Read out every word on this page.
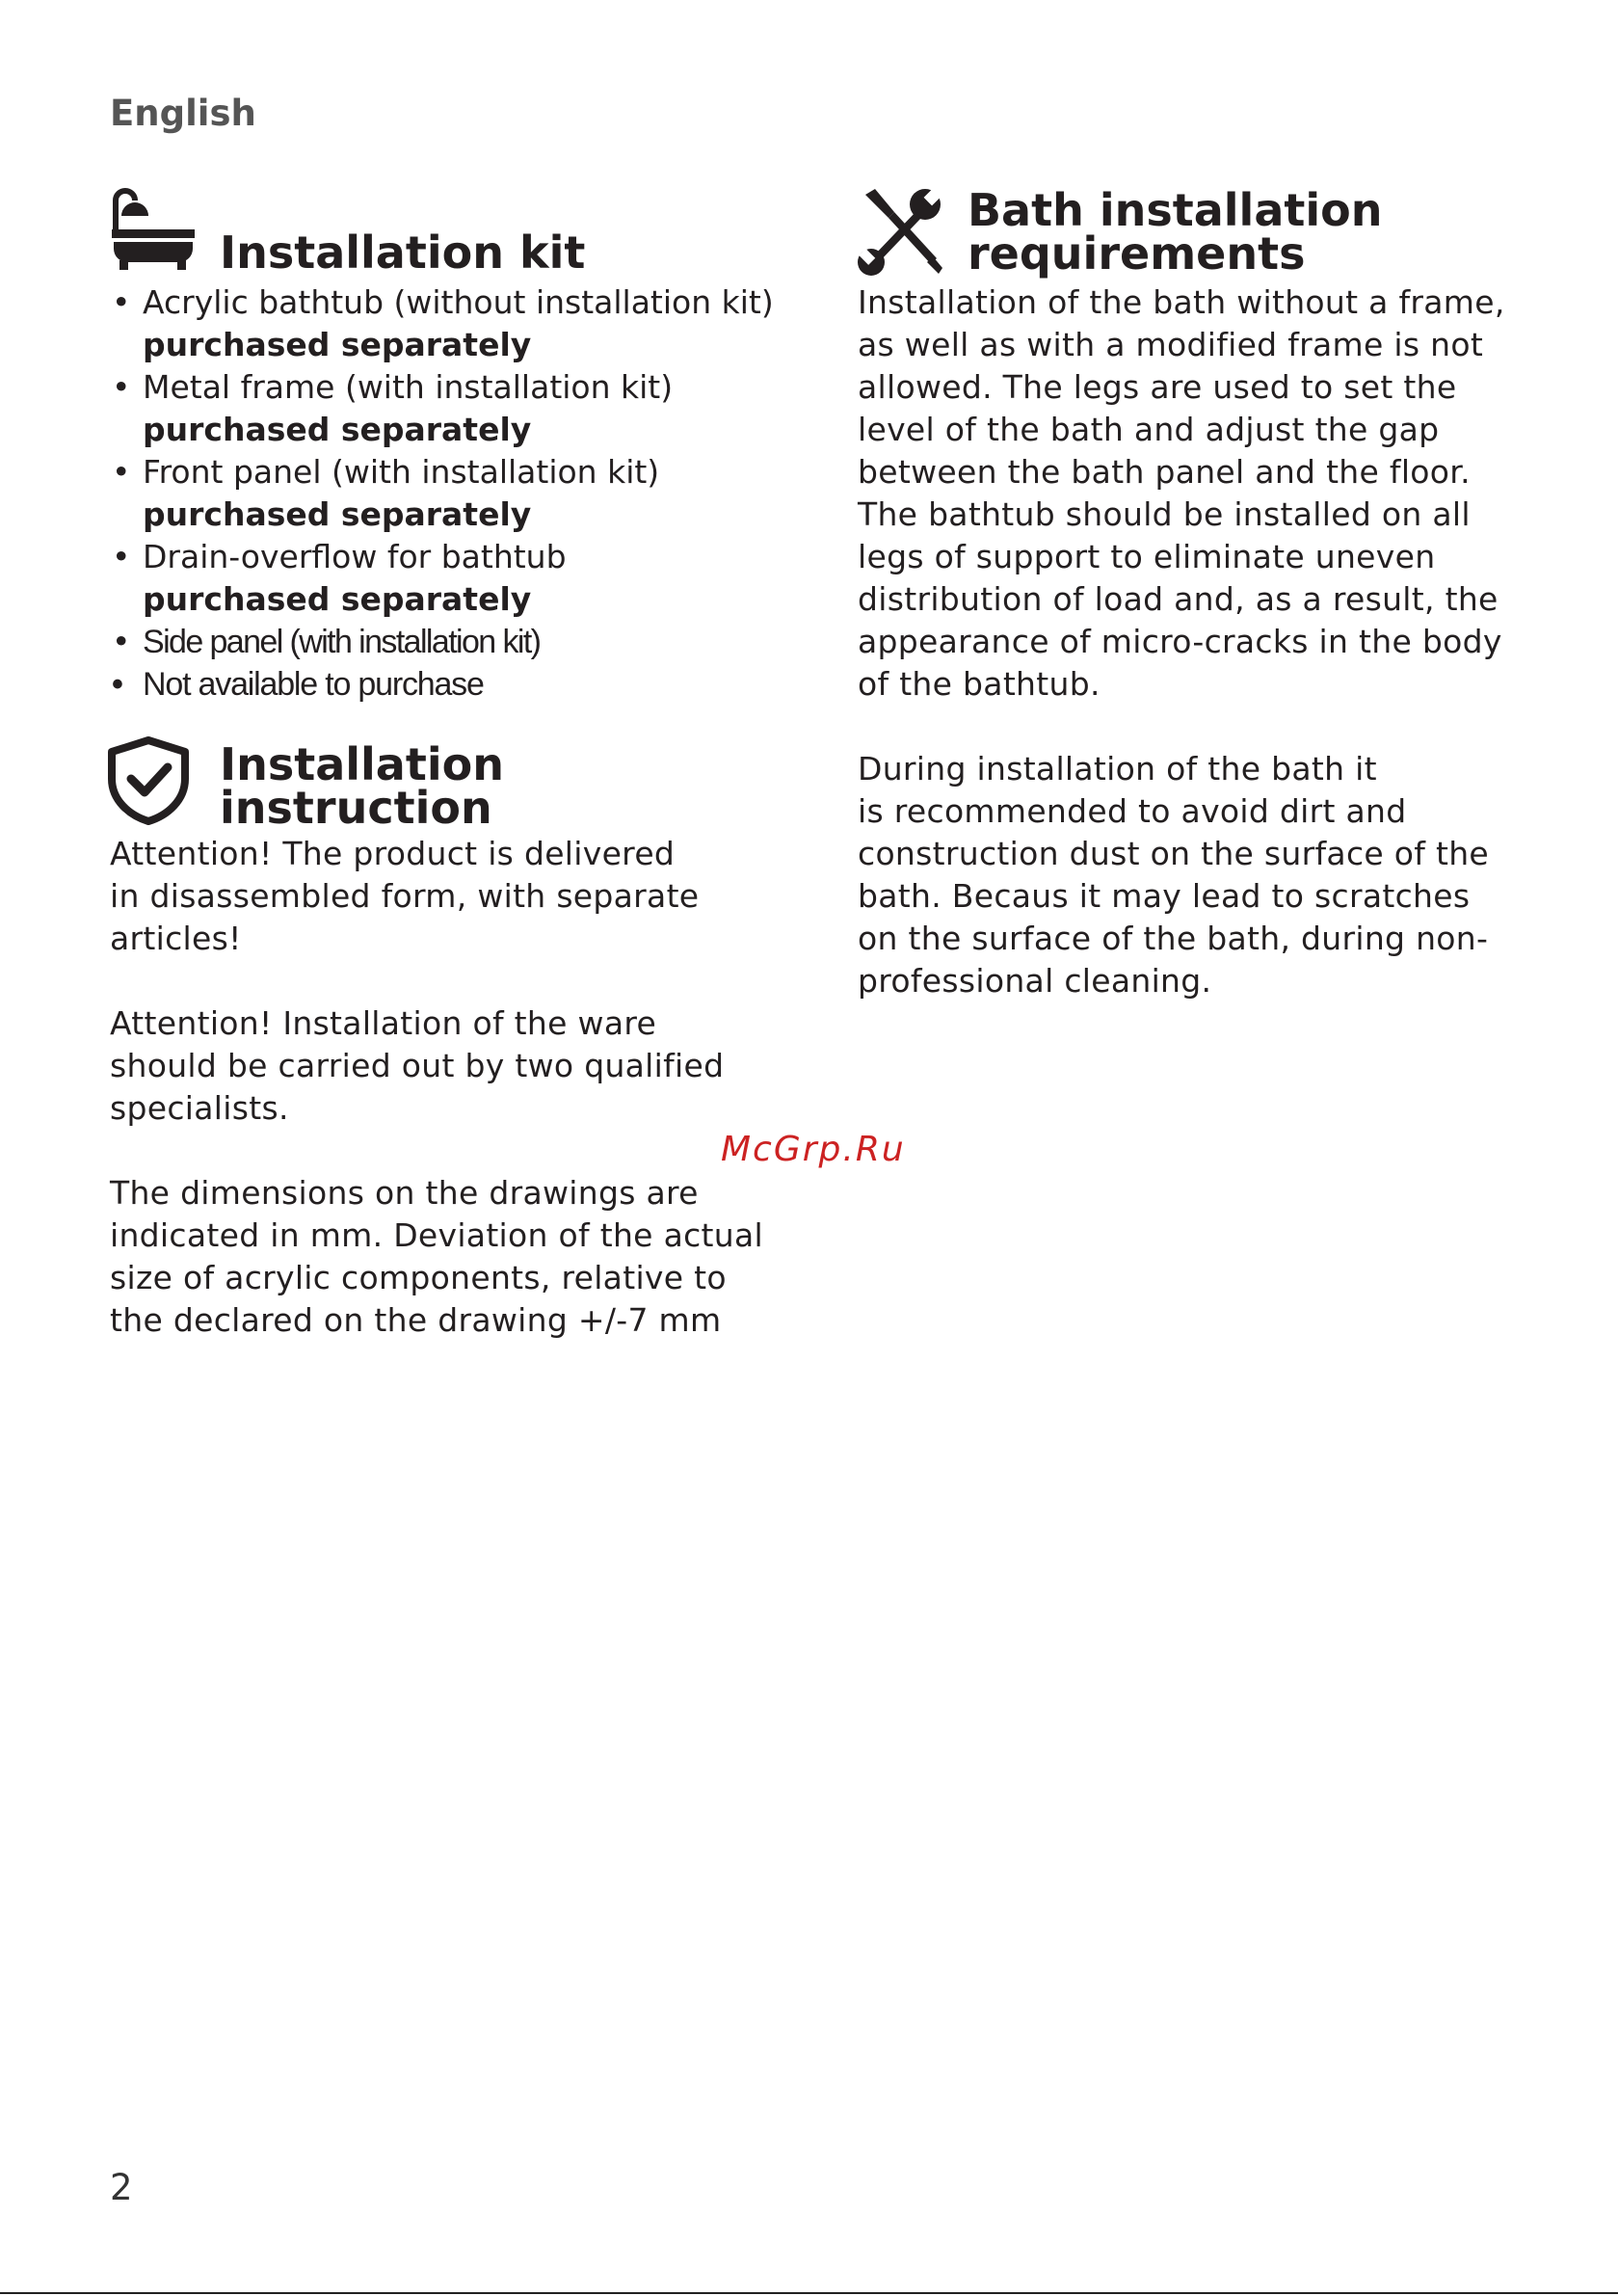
English
Installation kit
• Acrylic bathtub (without installation kit)
purchased separately
• Metal frame (with installation kit)
purchased separately
• Front panel (with installation kit)
purchased separately
• Drain-overflow for bathtub
purchased separately
• Side panel (with installation kit)
• Not available to purchase
Installation
instruction
Attention! The product is delivered
in disassembled form, with separate
articles!
Attention! Installation of the ware
should be carried out by two qualified
specialists.
The dimensions on the drawings are
indicated in mm. Deviation of the actual
size of acrylic components, relative to
the declared on the drawing +/-7 mm
Bath installation
requirements
Installation of the bath without a frame,
as well as with a modified frame is not
allowed. The legs are used to set the
level of the bath and adjust the gap
between the bath panel and the floor.
The bathtub should be installed on all
legs of support to eliminate uneven
distribution of load and, as a result, the
appearance of micro-cracks in the body
of the bathtub.
During installation of the bath it
is recommended to avoid dirt and
construction dust on the surface of the
bath. Becaus it may lead to scratches
on the surface of the bath, during non-
professional cleaning.
McGrp.Ru
2
